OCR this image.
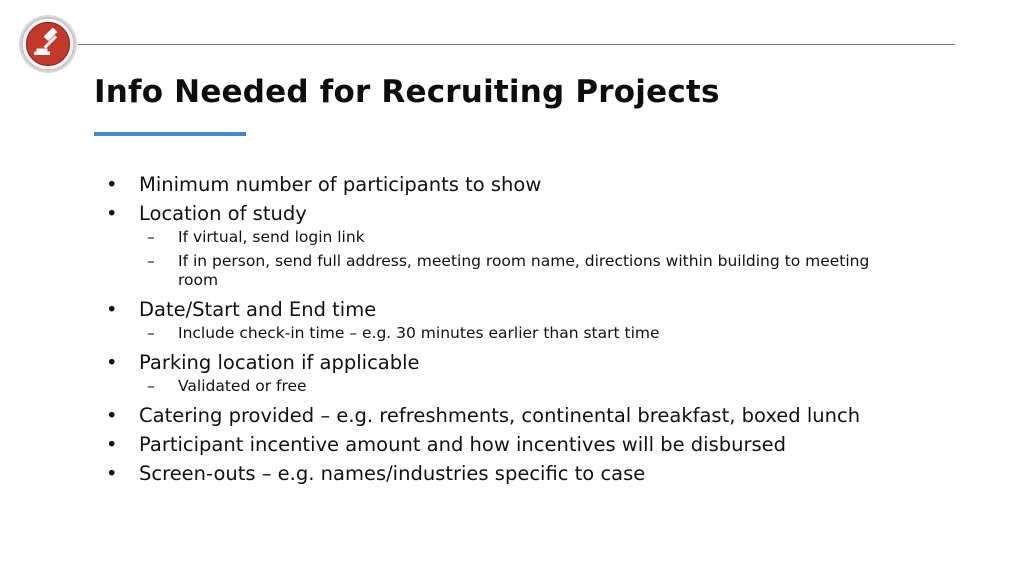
Info Needed for Recruiting Projects
• Minimum number of participants to show
• Location of study
– If virtual, send login link
– If in person, send full address, meeting room name, directions within building to meeting room
• Date/Start and End time
– Include check-in time – e.g. 30 minutes earlier than start time
• Parking location if applicable
– Validated or free
• Catering provided – e.g. refreshments, continental breakfast, boxed lunch
• Participant incentive amount and how incentives will be disbursed
• Screen-outs – e.g. names/industries specific to case
